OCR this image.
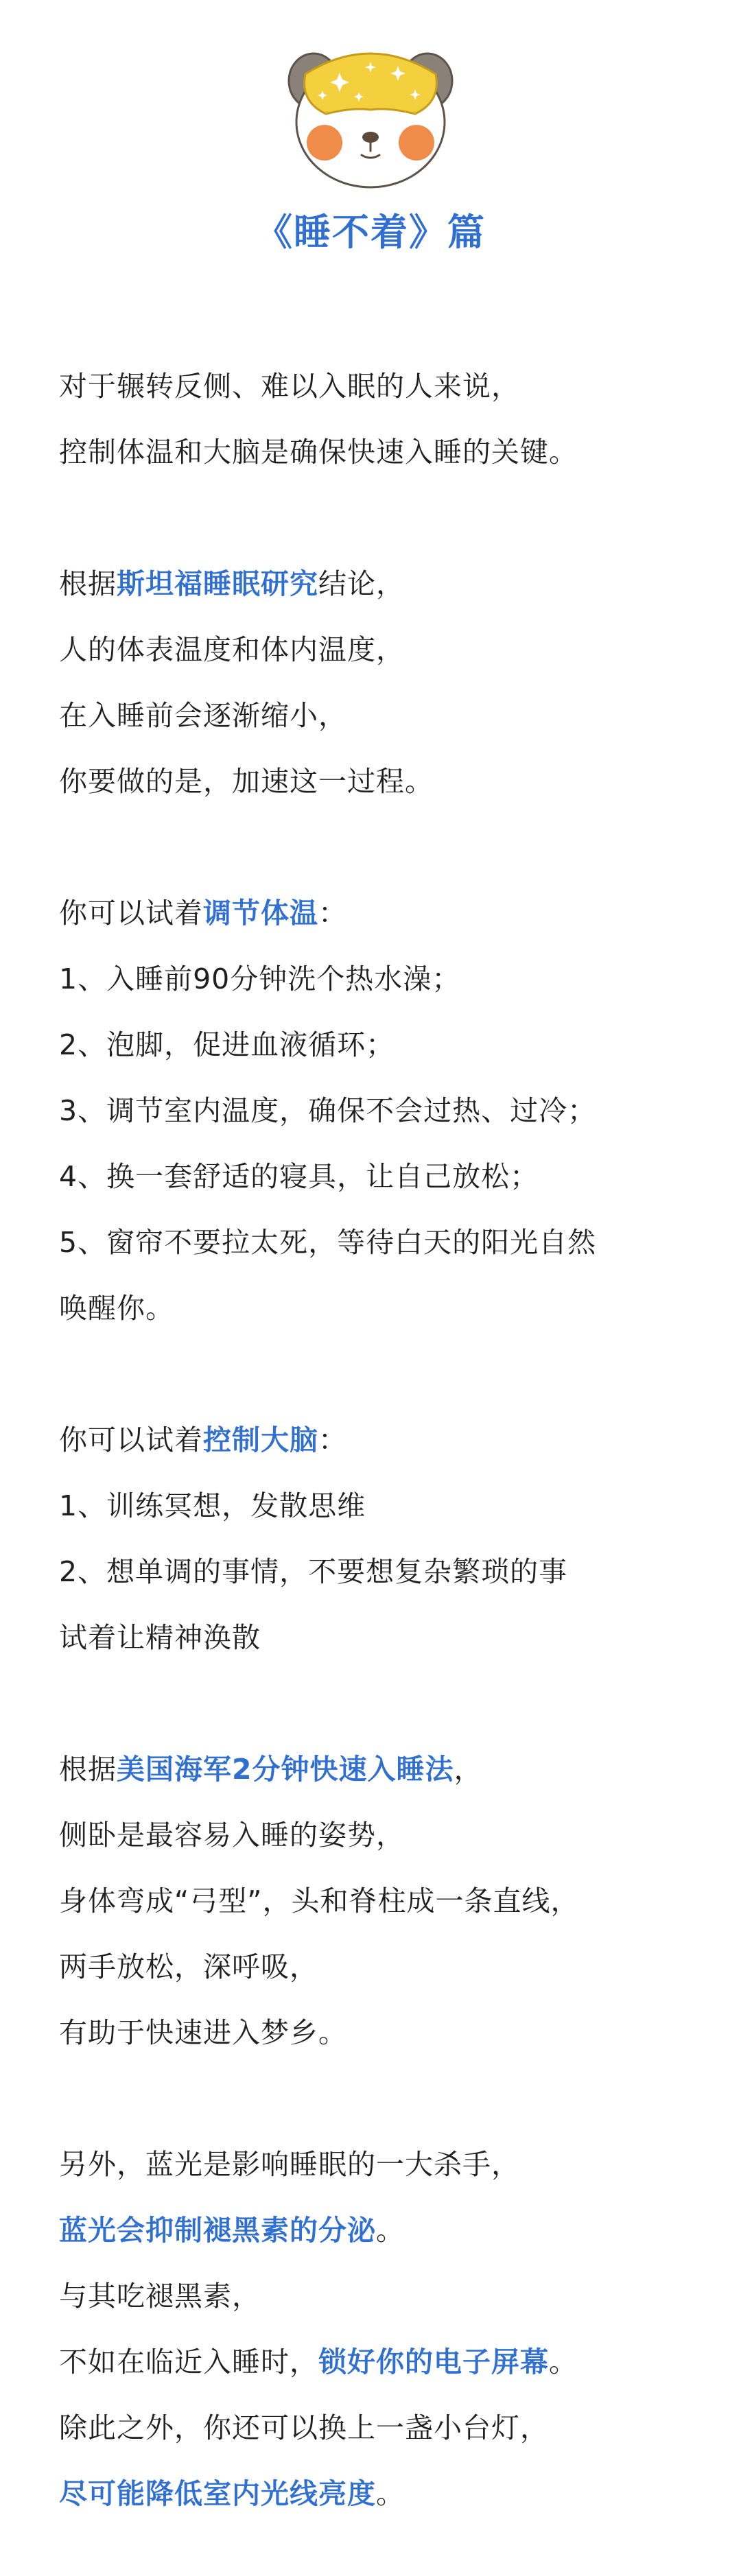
《睡不着》篇
对于辗转反侧、难以入眠的人来说，
控制体温和大脑是确保快速入睡的关键。
根据斯坦福睡眠研究结论，
人的体表温度和体内温度，
在入睡前会逐渐缩小，
你要做的是，加速这一过程。
你可以试着调节体温：
1、入睡前90分钟洗个热水澡；
2、泡脚，促进血液循环；
3、调节室内温度，确保不会过热、过冷；
4、换一套舒适的寝具，让自己放松；
5、窗帘不要拉太死，等待白天的阳光自然
唤醒你。
你可以试着控制大脑：
1、训练冥想，发散思维
2、想单调的事情，不要想复杂繁琐的事
试着让精神涣散
根据美国海军2分钟快速入睡法，
侧卧是最容易入睡的姿势，
身体弯成“弓型”，头和脊柱成一条直线，
两手放松，深呼吸，
有助于快速进入梦乡。
另外，蓝光是影响睡眠的一大杀手，
蓝光会抑制褪黑素的分泌。
与其吃褪黑素，
不如在临近入睡时，锁好你的电子屏幕。
除此之外，你还可以换上一盏小台灯，
尽可能降低室内光线亮度。
